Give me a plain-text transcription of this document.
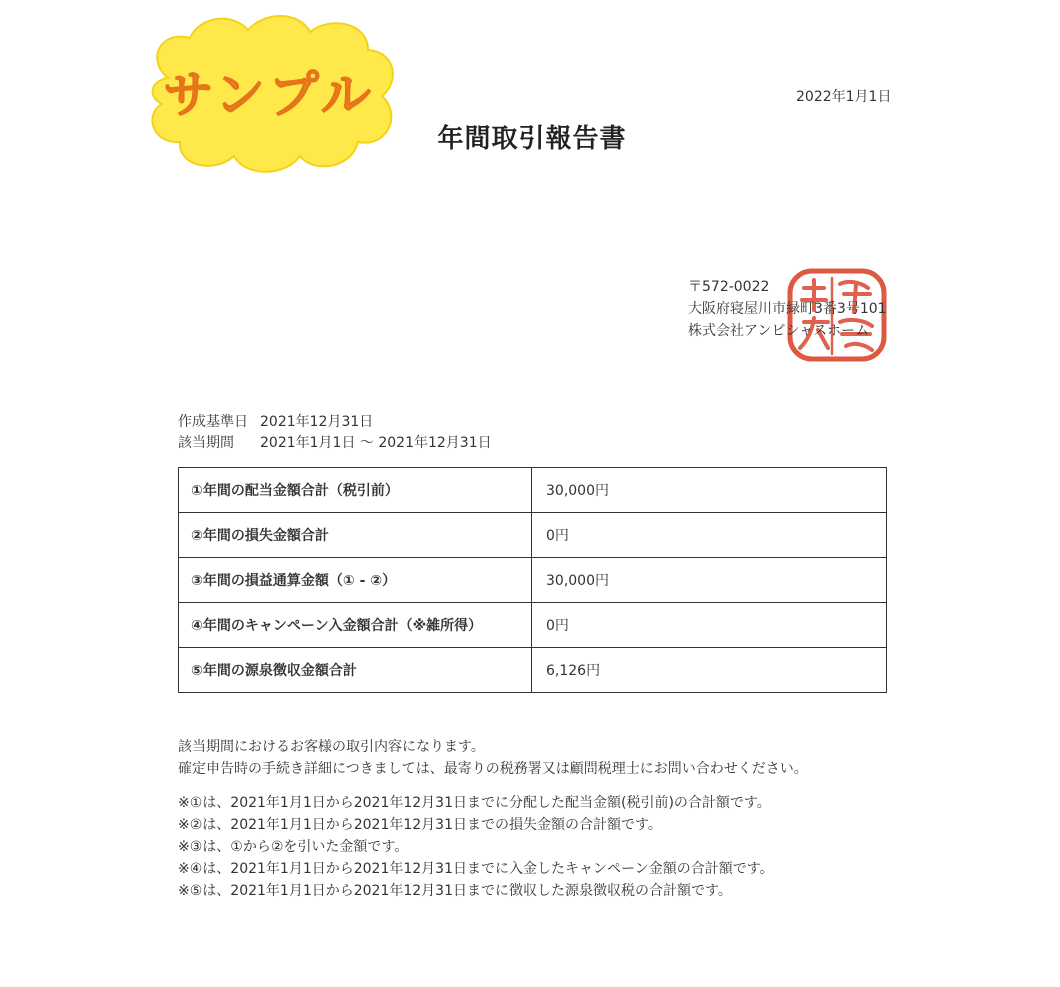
サンプル	2022年1月1日
年間取引報告書
〒572-0022
大阪府寝屋川市緑町3番3号101
株式会社アンビシャスホーム
作成基準日 2021年12月31日
該当期間	2021年1月1日 ～ 2021年12月31日
①年間の配当金額合計（税引前）	30,000円
②年間の損失金額合計	0円
③年間の損益通算金額（① - ②）	30,000円
④年間のキャンペーン入金額合計（※雑所得）	0円
⑤年間の源泉徴収金額合計	6,126円
該当期間におけるお客様の取引内容になります。
確定申告時の手続き詳細につきましては、最寄りの税務署又は顧問税理士にお問い合わせください。
※①は、2021年1月1日から2021年12月31日までに分配した配当金額(税引前)の合計額です。
※②は、2021年1月1日から2021年12月31日までの損失金額の合計額です。
※③は、①から②を引いた金額です。
※④は、2021年1月1日から2021年12月31日までに入金したキャンペーン金額の合計額です。
※⑤は、2021年1月1日から2021年12月31日までに徴収した源泉徴収税の合計額です。
